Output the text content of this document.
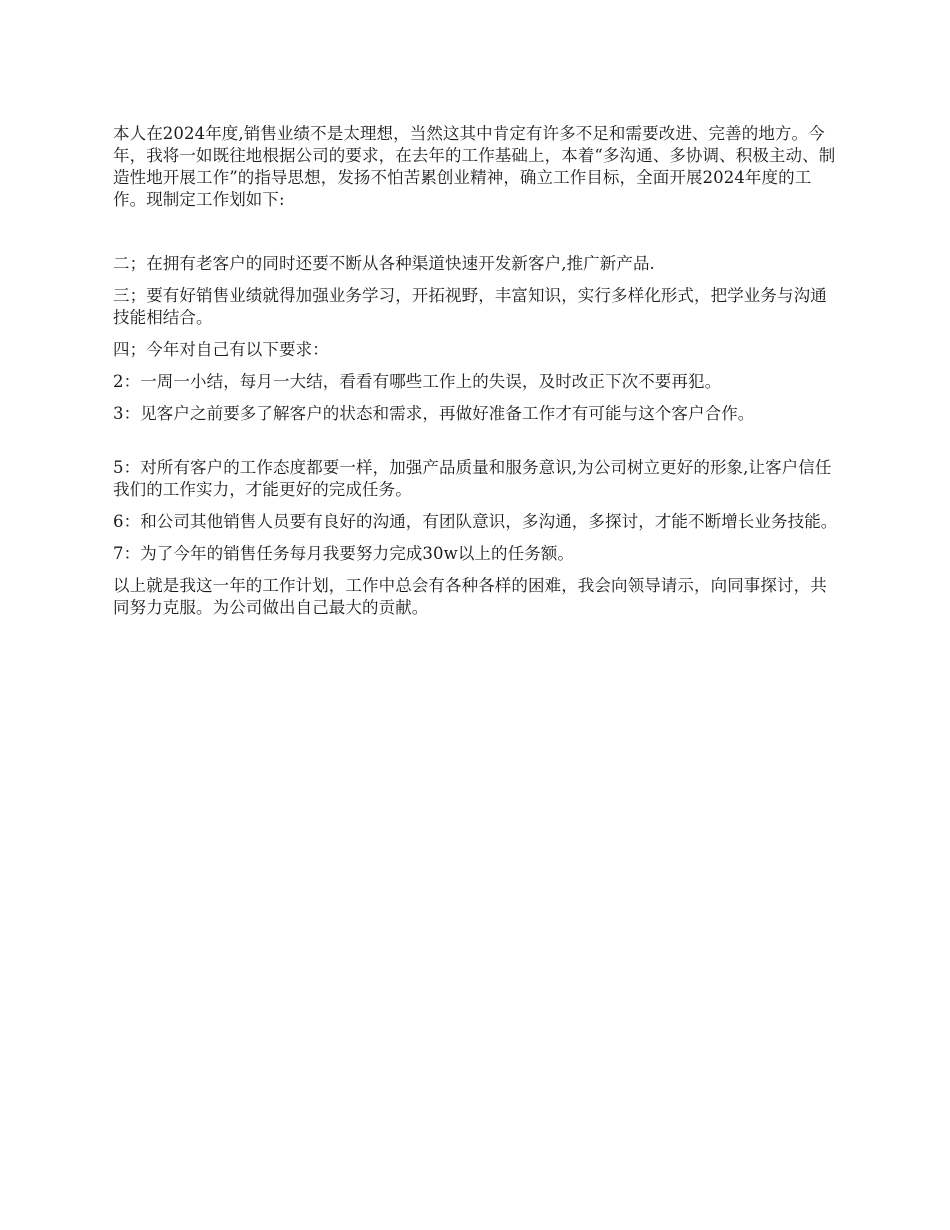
本人在2024年度,销售业绩不是太理想，当然这其中肯定有许多不足和需要改进、完善的地方。今年，我将一如既往地根据公司的要求，在去年的工作基础上，本着“多沟通、多协调、积极主动、制造性地开展工作”的指导思想，发扬不怕苦累创业精神，确立工作目标，全面开展2024年度的工作。现制定工作划如下:

二；在拥有老客户的同时还要不断从各种渠道快速开发新客户,推广新产品.

三；要有好销售业绩就得加强业务学习，开拓视野，丰富知识，实行多样化形式，把学业务与沟通技能相结合。

四；今年对自己有以下要求：

2：一周一小结，每月一大结，看看有哪些工作上的失误，及时改正下次不要再犯。

3：见客户之前要多了解客户的状态和需求，再做好准备工作才有可能与这个客户合作。

5：对所有客户的工作态度都要一样，加强产品质量和服务意识,为公司树立更好的形象,让客户信任我们的工作实力，才能更好的完成任务。

6：和公司其他销售人员要有良好的沟通，有团队意识，多沟通，多探讨，才能不断增长业务技能。

7：为了今年的销售任务每月我要努力完成30w以上的任务额。

以上就是我这一年的工作计划，工作中总会有各种各样的困难，我会向领导请示，向同事探讨，共同努力克服。为公司做出自己最大的贡献。
